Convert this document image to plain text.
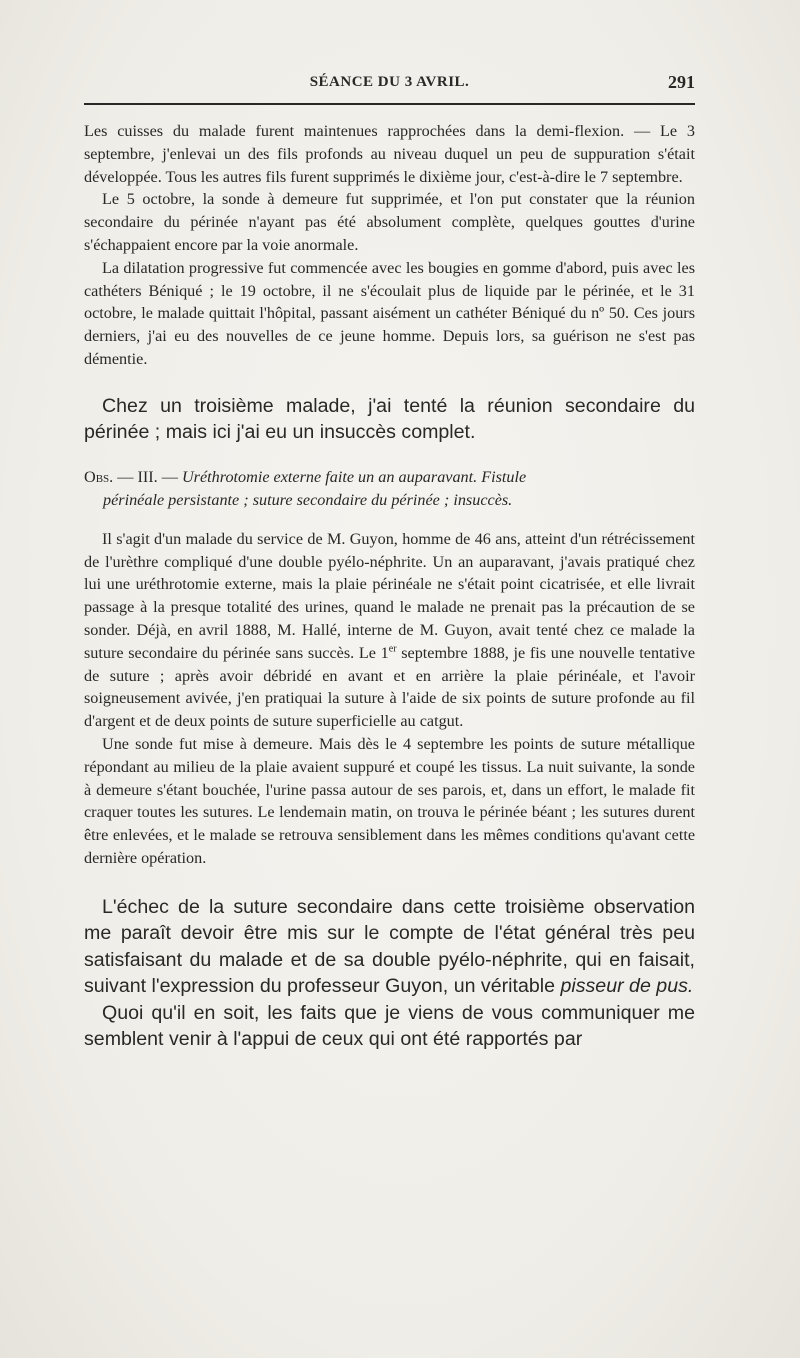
SÉANCE DU 3 AVRIL.	291

Les cuisses du malade furent maintenues rapprochées dans la demi-flexion. — Le 3 septembre, j'enlevai un des fils profonds au niveau duquel un peu de suppuration s'était développée. Tous les autres fils furent supprimés le dixième jour, c'est-à-dire le 7 septembre.

Le 5 octobre, la sonde à demeure fut supprimée, et l'on put constater que la réunion secondaire du périnée n'ayant pas été absolument complète, quelques gouttes d'urine s'échappaient encore par la voie anormale.

La dilatation progressive fut commencée avec les bougies en gomme d'abord, puis avec les cathéters Béniqué ; le 19 octobre, il ne s'écoulait plus de liquide par le périnée, et le 31 octobre, le malade quittait l'hôpital, passant aisément un cathéter Béniqué du nº 50. Ces jours derniers, j'ai eu des nouvelles de ce jeune homme. Depuis lors, sa guérison ne s'est pas démentie.

Chez un troisième malade, j'ai tenté la réunion secondaire du périnée ; mais ici j'ai eu un insuccès complet.

Obs. — III. — Uréthrotomie externe faite un an auparavant. Fistule
périnéale persistante ; suture secondaire du périnée ; insuccès.

Il s'agit d'un malade du service de M. Guyon, homme de 46 ans, atteint d'un rétrécissement de l'urèthre compliqué d'une double pyélo-néphrite. Un an auparavant, j'avais pratiqué chez lui une uréthrotomie externe, mais la plaie périnéale ne s'était point cicatrisée, et elle livrait passage à la presque totalité des urines, quand le malade ne prenait pas la précaution de se sonder. Déjà, en avril 1888, M. Hallé, interne de M. Guyon, avait tenté chez ce malade la suture secondaire du périnée sans succès. Le 1er septembre 1888, je fis une nouvelle tentative de suture ; après avoir débridé en avant et en arrière la plaie périnéale, et l'avoir soigneusement avivée, j'en pratiquai la suture à l'aide de six points de suture profonde au fil d'argent et de deux points de suture superficielle au catgut.

Une sonde fut mise à demeure. Mais dès le 4 septembre les points de suture métallique répondant au milieu de la plaie avaient suppuré et coupé les tissus. La nuit suivante, la sonde à demeure s'étant bouchée, l'urine passa autour de ses parois, et, dans un effort, le malade fit craquer toutes les sutures. Le lendemain matin, on trouva le périnée béant ; les sutures durent être enlevées, et le malade se retrouva sensiblement dans les mêmes conditions qu'avant cette dernière opération.

L'échec de la suture secondaire dans cette troisième observation me paraît devoir être mis sur le compte de l'état général très peu satisfaisant du malade et de sa double pyélo-néphrite, qui en faisait, suivant l'expression du professeur Guyon, un véritable pisseur de pus.

Quoi qu'il en soit, les faits que je viens de vous communiquer me semblent venir à l'appui de ceux qui ont été rapportés par
